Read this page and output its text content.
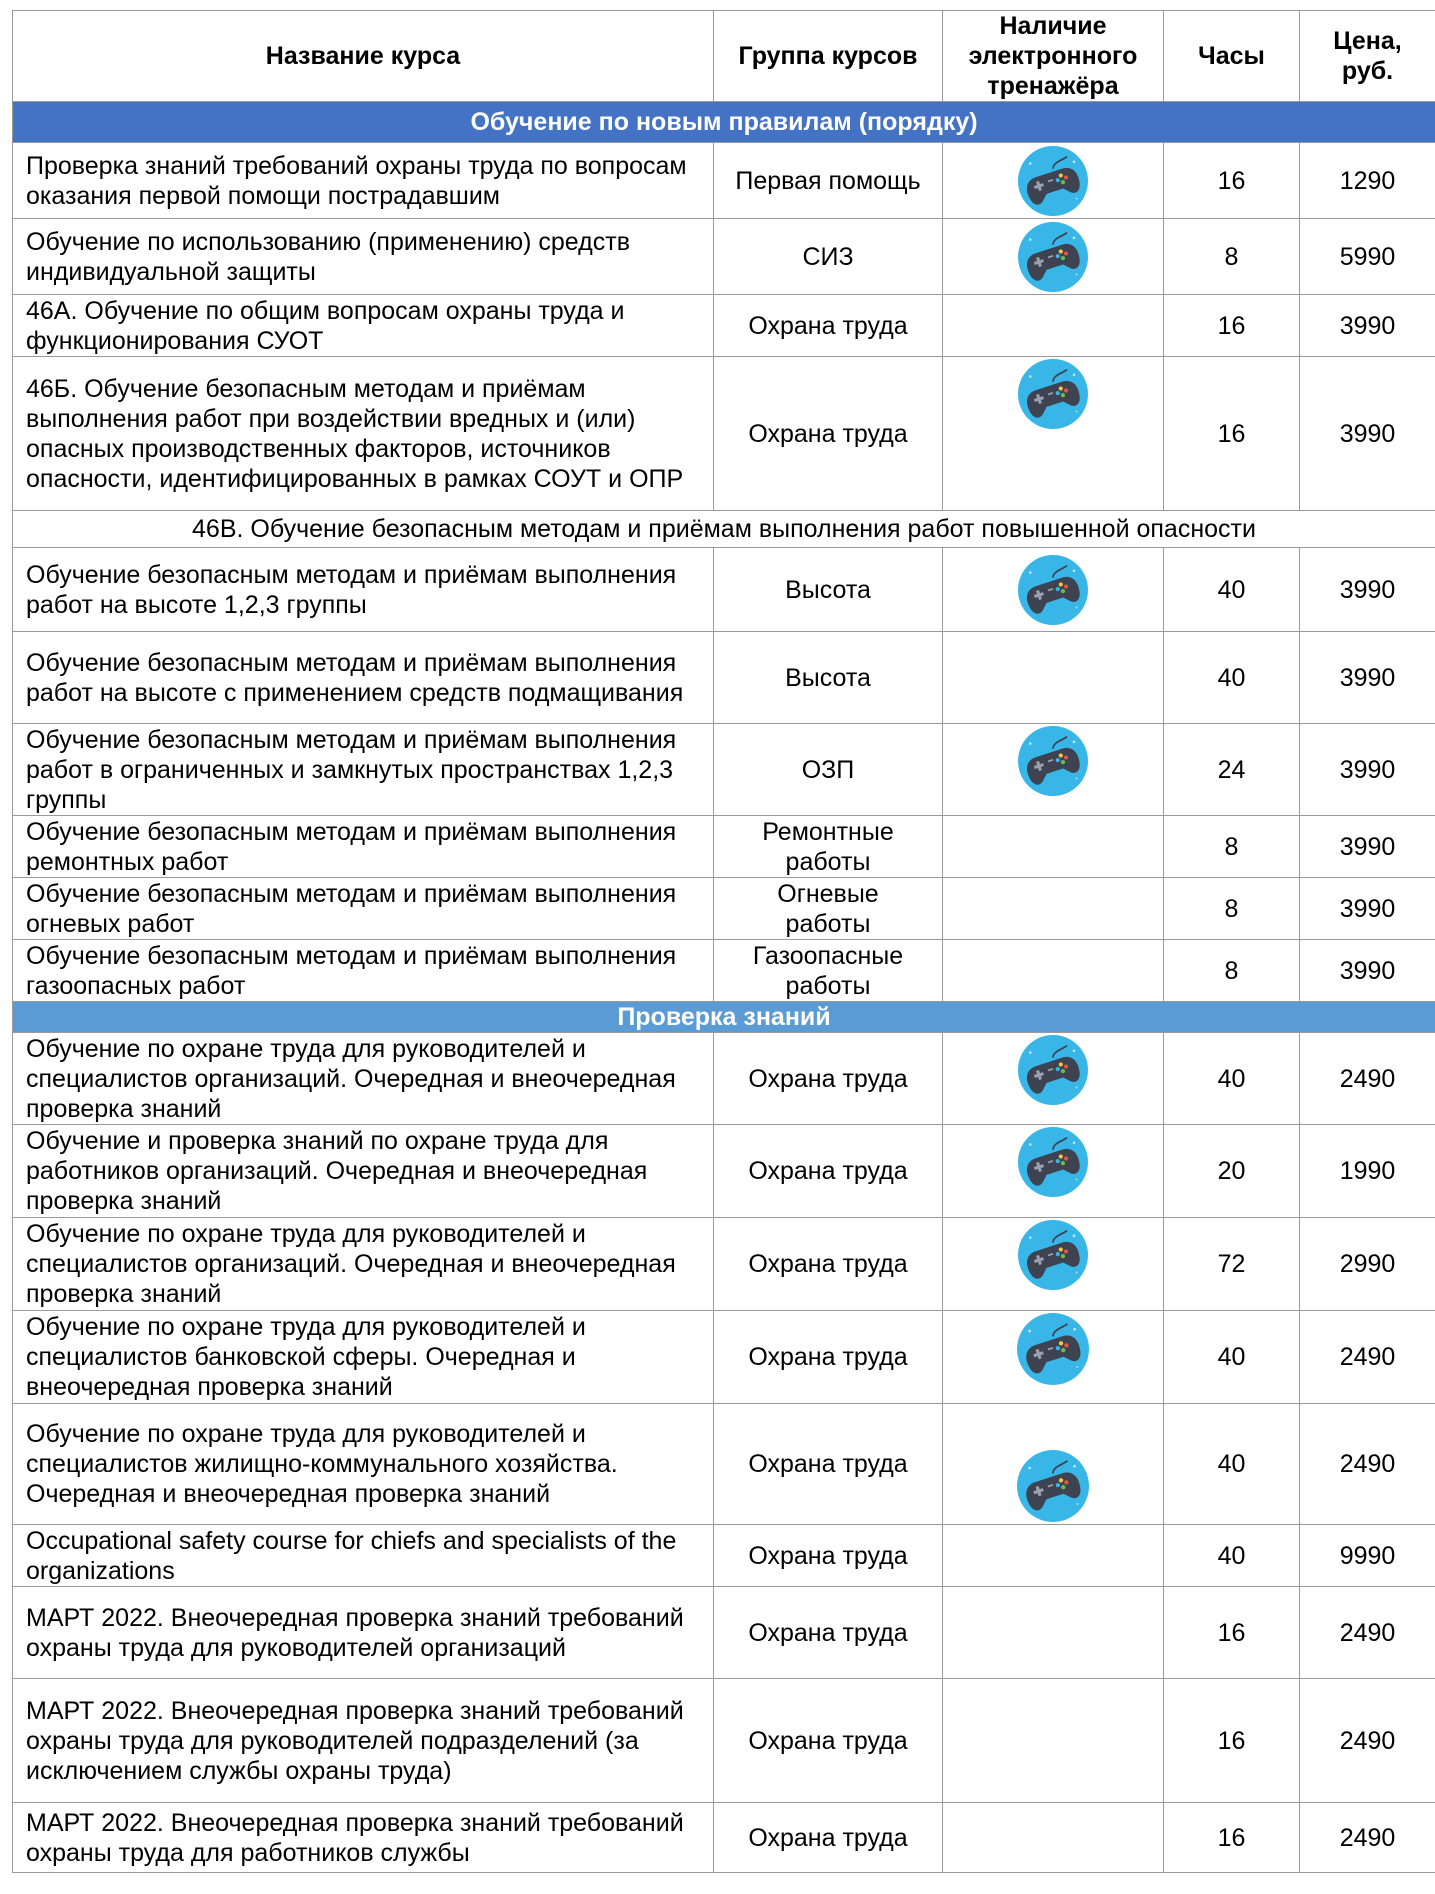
Название курса	Группа курсов	Наличие электронного тренажёра	Часы	Цена, руб.
Обучение по новым правилам (порядку)				
Проверка знаний требований охраны труда по вопросам оказания первой помощи пострадавшим	Первая помощь		16	1290
Обучение по использованию (применению) средств индивидуальной защиты	СИЗ		8	5990
46А. Обучение по общим вопросам охраны труда и функционирования СУОТ	Охрана труда		16	3990
46Б. Обучение безопасным методам и приёмам выполнения работ при воздействии вредных и (или) опасных производственных факторов, источников опасности, идентифицированных в рамках СОУТ и ОПР	Охрана труда		16	3990
46В. Обучение безопасным методам и приёмам выполнения работ повышенной опасности				
Обучение безопасным методам и приёмам выполнения работ на высоте 1,2,3 группы	Высота		40	3990
Обучение безопасным методам и приёмам выполнения работ на высоте с применением средств подмащивания	Высота		40	3990
Обучение безопасным методам и приёмам выполнения работ в ограниченных и замкнутых пространствах 1,2,3 группы	ОЗП		24	3990
Обучение безопасным методам и приёмам выполнения ремонтных работ	Ремонтные работы		8	3990
Обучение безопасным методам и приёмам выполнения огневых работ	Огневые работы		8	3990
Обучение безопасным методам и приёмам выполнения газоопасных работ	Газоопасные работы		8	3990
Проверка знаний				
Обучение по охране труда для руководителей и специалистов организаций. Очередная и внеочередная проверка знаний	Охрана труда		40	2490
Обучение и проверка знаний по охране труда для работников организаций. Очередная и внеочередная проверка знаний	Охрана труда		20	1990
Обучение по охране труда для руководителей и специалистов организаций. Очередная и внеочередная проверка знаний	Охрана труда		72	2990
Обучение по охране труда для руководителей и специалистов банковской сферы. Очередная и внеочередная проверка знаний	Охрана труда		40	2490
Обучение по охране труда для руководителей и специалистов жилищно-коммунального хозяйства. Очередная и внеочередная проверка знаний	Охрана труда		40	2490
Occupational safety course for chiefs and specialists of the organizations	Охрана труда		40	9990
МАРТ 2022. Внеочередная проверка знаний требований охраны труда для руководителей организаций	Охрана труда		16	2490
МАРТ 2022. Внеочередная проверка знаний требований охраны труда для руководителей подразделений (за исключением службы охраны труда)	Охрана труда		16	2490
МАРТ 2022. Внеочередная проверка знаний требований охраны труда для работников службы	Охрана труда		16	2490
